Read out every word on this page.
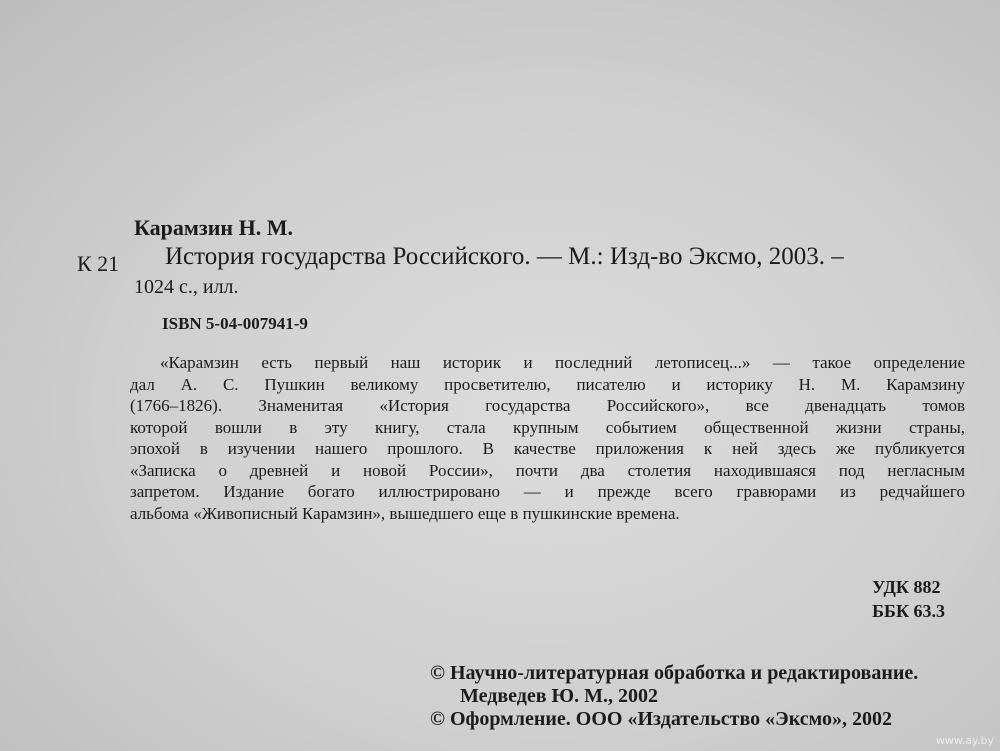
Карамзин Н. М.
К 21 История государства Российского. — М.: Изд-во Эксмо, 2003. –
1024 с., илл.
ISBN 5-04-007941-9
«Карамзин есть первый наш историк и последний летописец...» — такое определение
дал А. С. Пушкин великому просветителю, писателю и историку Н. М. Карамзину
(1766–1826). Знаменитая «История государства Российского», все двенадцать томов
которой вошли в эту книгу, стала крупным событием общественной жизни страны,
эпохой в изучении нашего прошлого. В качестве приложения к ней здесь же публикуется
«Записка о древней и новой России», почти два столетия находившаяся под негласным
запретом. Издание богато иллюстрировано — и прежде всего гравюрами из редчайшего
альбома «Живописный Карамзин», вышедшего еще в пушкинские времена.
УДК 882
ББК 63.3
© Научно-литературная обработка и редактирование.
Медведев Ю. М., 2002
© Оформление. ООО «Издательство «Эксмо», 2002
www.ay.by
